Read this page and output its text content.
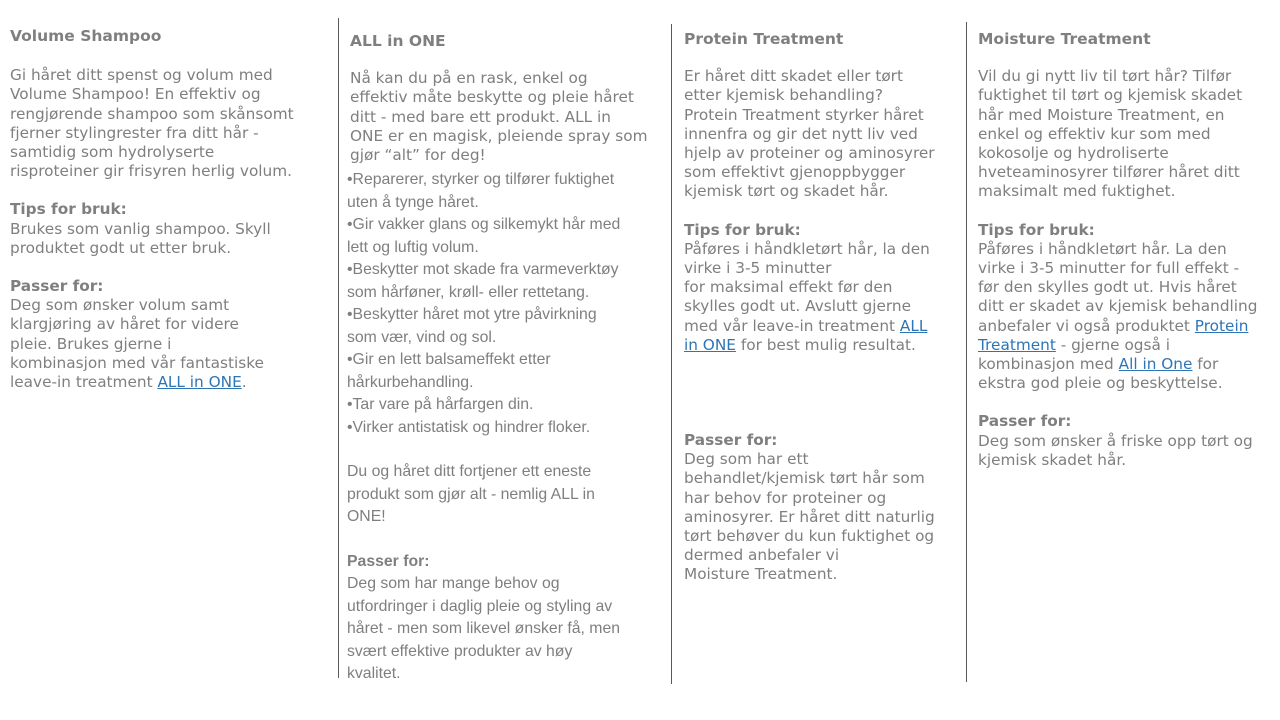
Volume Shampoo

Gi håret ditt spenst og volum med

Volume Shampoo! En effektiv og

rengjørende shampoo som skånsomt

fjerner stylingrester fra ditt hår -

samtidig som hydrolyserte

risproteiner gir frisyren herlig volum.

Tips for bruk:

Brukes som vanlig shampoo. Skyll

produktet godt ut etter bruk.

Passer for:

Deg som ønsker volum samt

klargjøring av håret for videre

pleie. Brukes gjerne i

kombinasjon med vår fantastiske

leave-in treatment ALL in ONE.

ALL in ONE

Nå kan du på en rask, enkel og

effektiv måte beskytte og pleie håret

ditt - med bare ett produkt. ALL in

ONE er en magisk, pleiende spray som

gjør “alt” for deg!

•Reparerer, styrker og tilfører fuktighet

uten å tynge håret.

•Gir vakker glans og silkemykt hår med

lett og luftig volum.

•Beskytter mot skade fra varmeverktøy

som hårføner, krøll- eller rettetang.

•Beskytter håret mot ytre påvirkning

som vær, vind og sol.

•Gir en lett balsameffekt etter

hårkurbehandling.

•Tar vare på hårfargen din.

•Virker antistatisk og hindrer floker.

Du og håret ditt fortjener ett eneste

produkt som gjør alt - nemlig ALL in

ONE!

Passer for:

Deg som har mange behov og

utfordringer i daglig pleie og styling av

håret - men som likevel ønsker få, men

svært effektive produkter av høy

kvalitet.

Protein Treatment

Er håret ditt skadet eller tørt

etter kjemisk behandling?

Protein Treatment styrker håret

innenfra og gir det nytt liv ved

hjelp av proteiner og aminosyrer

som effektivt gjenoppbygger

kjemisk tørt og skadet hår.

Tips for bruk:

Påføres i håndkletørt hår, la den

virke i 3-5 minutter

for maksimal effekt før den

skylles godt ut. Avslutt gjerne

med vår leave-in treatment ALL

in ONE for best mulig resultat.

Passer for:

Deg som har ett

behandlet/kjemisk tørt hår som

har behov for proteiner og

aminosyrer. Er håret ditt naturlig

tørt behøver du kun fuktighet og

dermed anbefaler vi

Moisture Treatment.

Moisture Treatment

Vil du gi nytt liv til tørt hår? Tilfør

fuktighet til tørt og kjemisk skadet

hår med Moisture Treatment, en

enkel og effektiv kur som med

kokosolje og hydroliserte

hveteaminosyrer tilfører håret ditt

maksimalt med fuktighet.

Tips for bruk:

Påføres i håndkletørt hår. La den

virke i 3-5 minutter for full effekt -

før den skylles godt ut. Hvis håret

ditt er skadet av kjemisk behandling

anbefaler vi også produktet Protein

Treatment - gjerne også i

kombinasjon med All in One for

ekstra god pleie og beskyttelse.

Passer for:

Deg som ønsker å friske opp tørt og

kjemisk skadet hår.
